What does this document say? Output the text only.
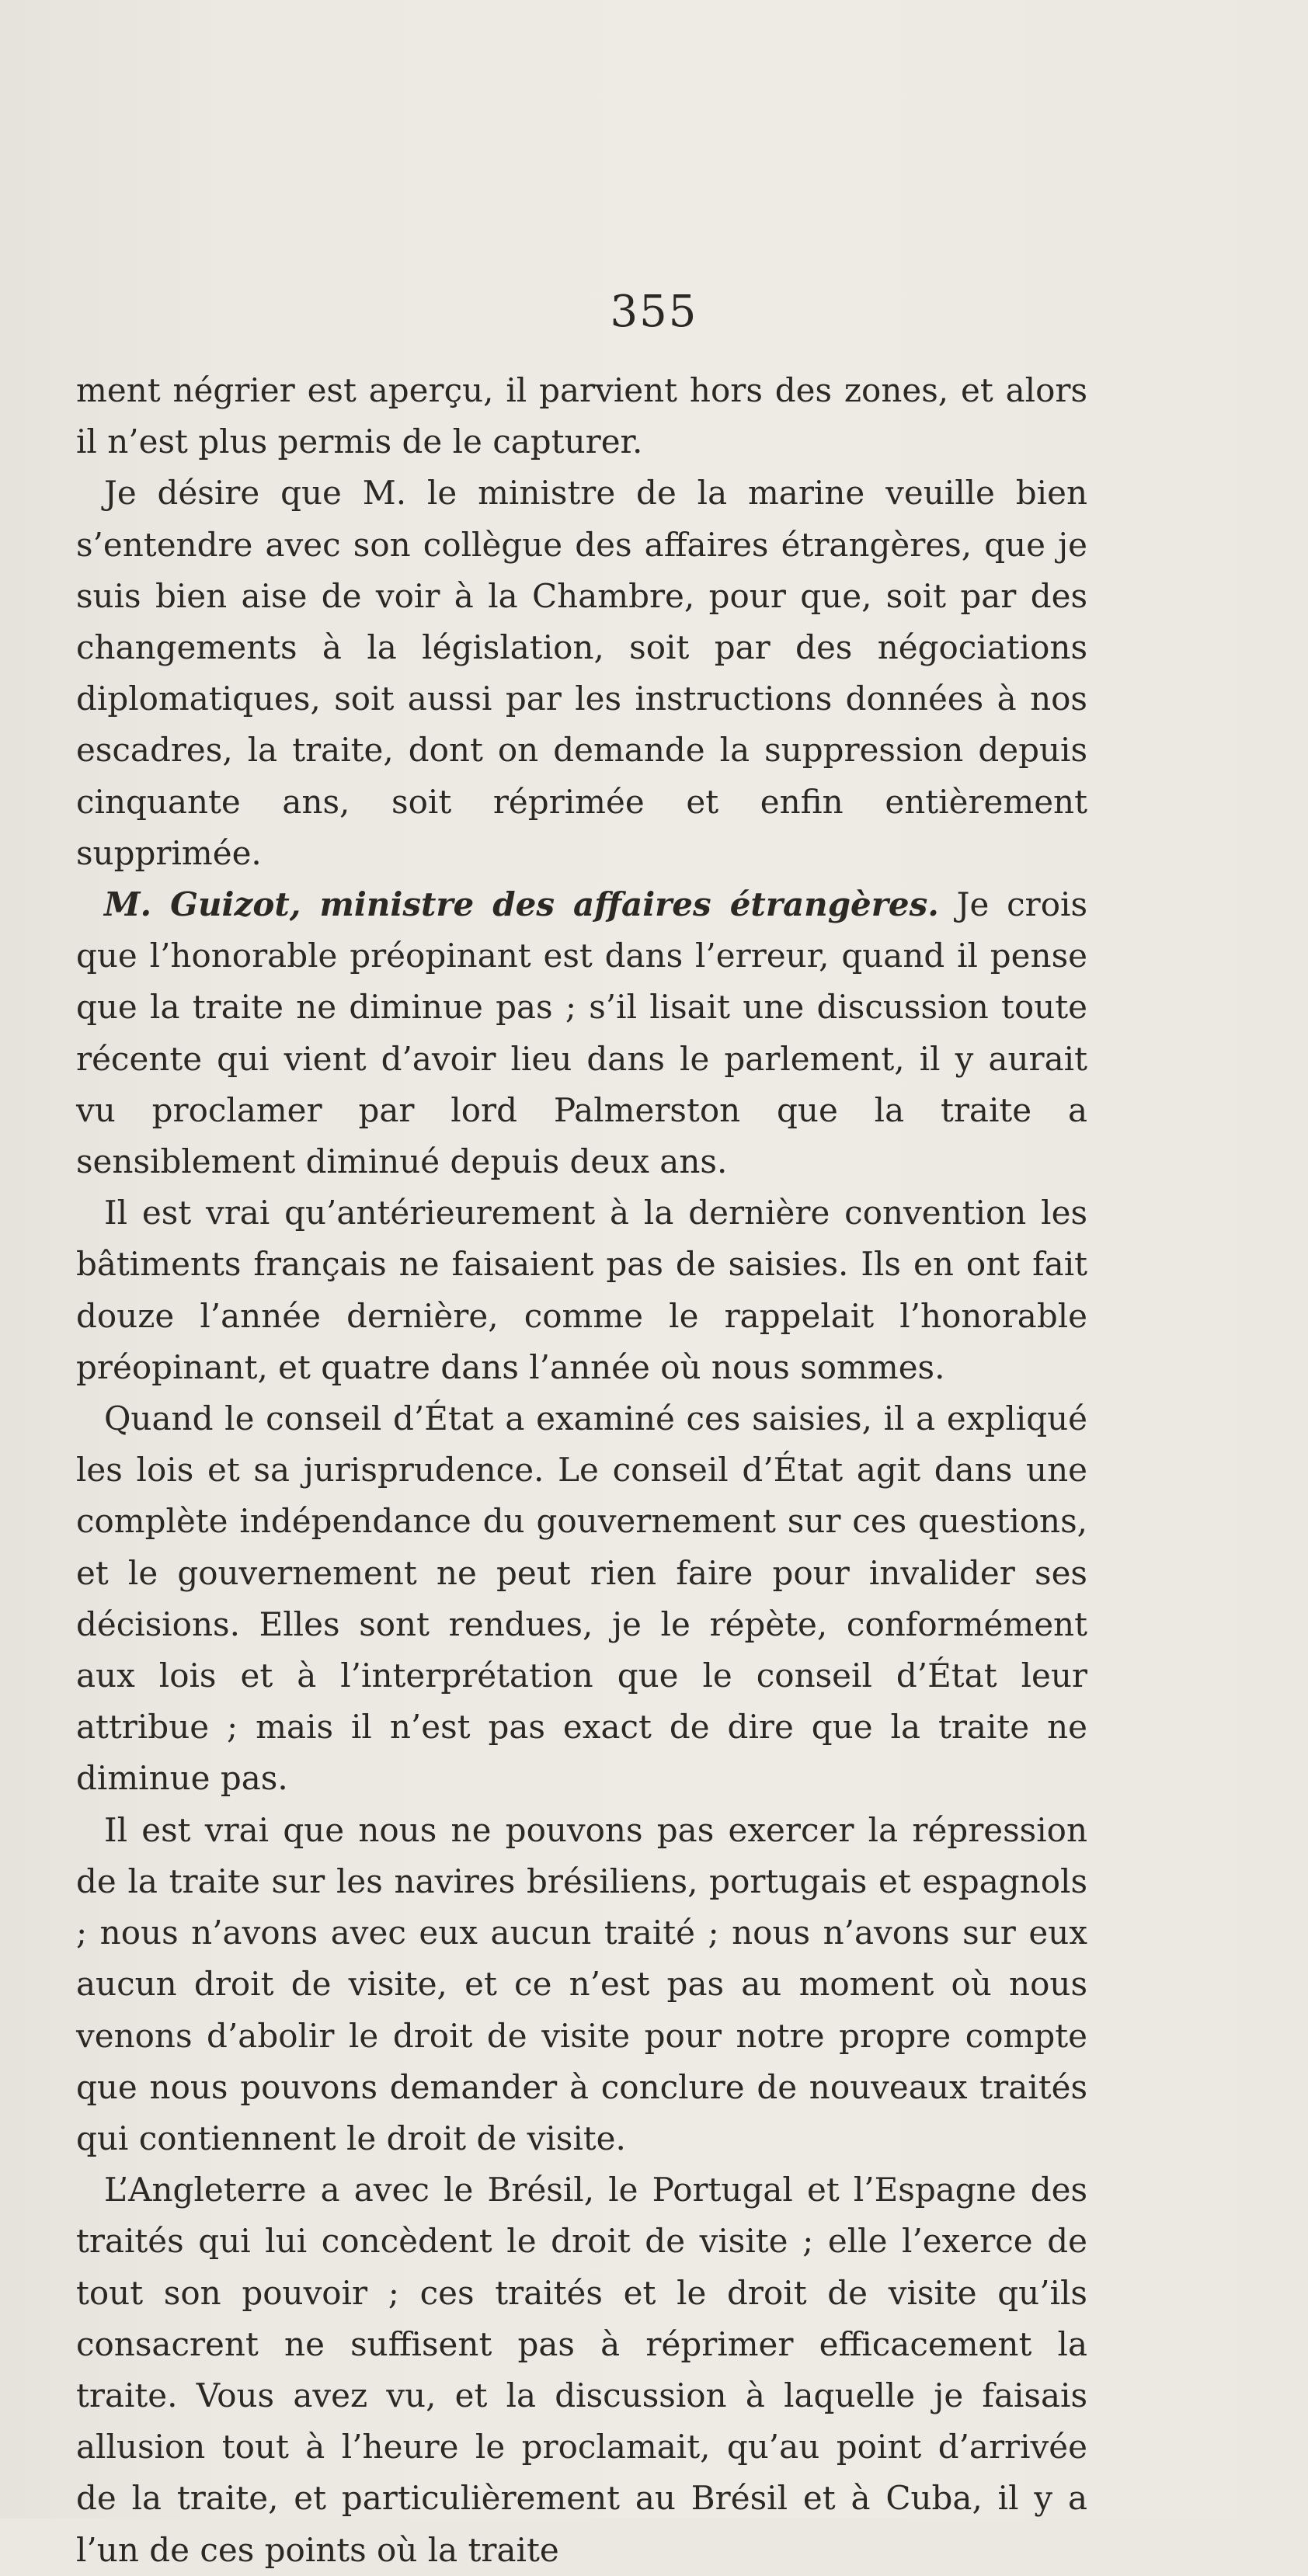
355

ment négrier est aperçu, il parvient hors des zones, et alors il n’est plus permis de le capturer.

Je désire que M. le ministre de la marine veuille bien s’entendre avec son collègue des affaires étrangères, que je suis bien aise de voir à la Chambre, pour que, soit par des changements à la législation, soit par des négociations diplomatiques, soit aussi par les instructions données à nos escadres, la traite, dont on demande la suppression depuis cinquante ans, soit réprimée et enfin entièrement supprimée.

M. Guizot, ministre des affaires étrangères. Je crois que l’honorable préopinant est dans l’erreur, quand il pense que la traite ne diminue pas ; s’il lisait une discussion toute récente qui vient d’avoir lieu dans le parlement, il y aurait vu proclamer par lord Palmerston que la traite a sensiblement diminué depuis deux ans.

Il est vrai qu’antérieurement à la dernière convention les bâtiments français ne faisaient pas de saisies. Ils en ont fait douze l’année dernière, comme le rappelait l’honorable préopinant, et quatre dans l’année où nous sommes.

Quand le conseil d’État a examiné ces saisies, il a expliqué les lois et sa jurisprudence. Le conseil d’État agit dans une complète indépendance du gouvernement sur ces questions, et le gouvernement ne peut rien faire pour invalider ses décisions. Elles sont rendues, je le répète, conformément aux lois et à l’interprétation que le conseil d’État leur attribue ; mais il n’est pas exact de dire que la traite ne diminue pas.

Il est vrai que nous ne pouvons pas exercer la répression de la traite sur les navires brésiliens, portugais et espagnols ; nous n’avons avec eux aucun traité ; nous n’avons sur eux aucun droit de visite, et ce n’est pas au moment où nous venons d’abolir le droit de visite pour notre propre compte que nous pouvons demander à conclure de nouveaux traités qui contiennent le droit de visite.

L’Angleterre a avec le Brésil, le Portugal et l’Espagne des traités qui lui concèdent le droit de visite ; elle l’exerce de tout son pouvoir ; ces traités et le droit de visite qu’ils consacrent ne suffisent pas à réprimer efficacement la traite. Vous avez vu, et la discussion à laquelle je faisais allusion tout à l’heure le proclamait, qu’au point d’arrivée de la traite, et particulièrement au Brésil et à Cuba, il y a l’un de ces points où la traite
